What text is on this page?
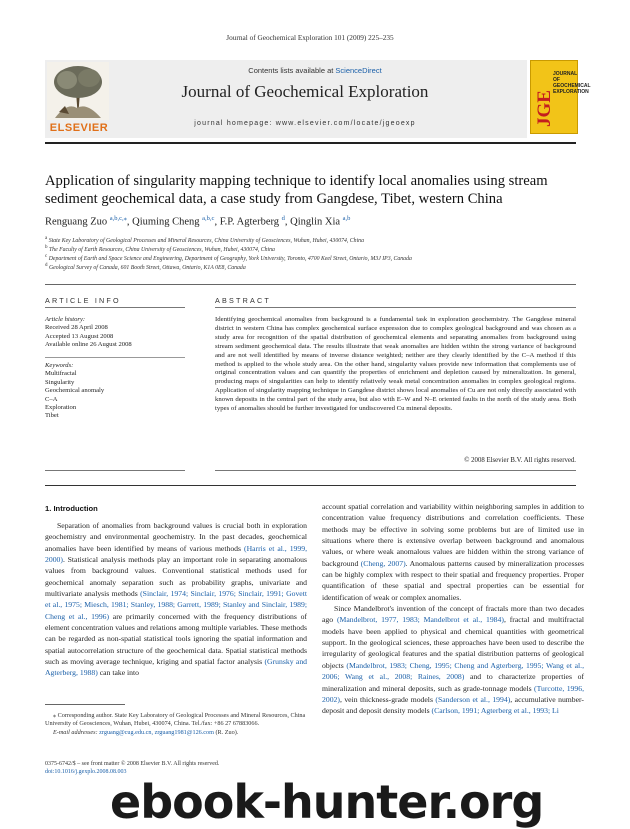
Journal of Geochemical Exploration 101 (2009) 225–235
ELSEVIER
Contents lists available at ScienceDirect
Journal of Geochemical Exploration
journal homepage: www.elsevier.com/locate/jgeoexp	JGE
JOURNAL OF GEOCHEMICAL EXPLORATION
Application of singularity mapping technique to identify local anomalies using stream sediment geochemical data, a case study from Gangdese, Tibet, western China
Renguang Zuo $^{a,b,c,⁎}$, Qiuming Cheng $^{a,b,c}$, F.P. Agterberg $^d$, Qinglin Xia $^{a,b}$
$^a$ State Key Laboratory of Geological Processes and Mineral Resources, China University of Geosciences, Wuhan, Hubei, 430074, China
$^b$ The Faculty of Earth Resources, China University of Geosciences, Wuhan, Hubei, 430074, China
$^c$ Department of Earth and Space Science and Engineering, Department of Geography, York University, Toronto, 4700 Keel Street, Ontario, M3J IP3, Canada
$^d$ Geological Survey of Canada, 601 Booth Street, Ottawa, Ontario, K1A 0E8, Canada
ARTICLE INFO	ABSTRACT
Article history:
Received 28 April 2008
Accepted 13 August 2008
Available online 26 August 2008
Keywords:
Multifractal
Singularity
Geochemical anomaly
C–A
Exploration
Tibet
Identifying geochemical anomalies from background is a fundamental task in exploration geochemistry. The Gangdese mineral district in western China has complex geochemical surface expression due to complex geological background and was chosen as a study area for recognition of the spatial distribution of geochemical elements and separating anomalies from background using stream sediment geochemical data. The results illustrate that weak anomalies are hidden within the strong variance of background and are not well identified by means of inverse distance weighted; neither are they clearly identified by the C–A method if this method is applied to the whole study area. On the other hand, singularity values provide new information that complements use of original concentration values and can quantify the properties of enrichment and depletion caused by mineralization. In general, producing maps of singularities can help to identify relatively weak metal concentration anomalies in complex geological regions. Application of singularity mapping technique in Gangdese district shows local anomalies of Cu are not only directly associated with known deposits in the central part of the study area, but also with E–W and N–E oriented faults in the north of the study area. Both types of anomalies should be further investigated for undiscovered Cu mineral deposits.
© 2008 Elsevier B.V. All rights reserved.
1. Introduction
Separation of anomalies from background values is crucial both in exploration geochemistry and environmental geochemistry. In the past decades, geochemical anomalies have been identified by means of various methods (Harris et al., 1999, 2000). Statistical analysis methods play an important role in separating anomalous values from background values. Conventional statistical methods used for geochemical anomaly separation such as probability graphs, univariate and multivariate analysis methods (Sinclair, 1974; Sinclair, 1976; Sinclair, 1991; Govett et al., 1975; Miesch, 1981; Stanley, 1988; Garrett, 1989; Stanley and Sinclair, 1989; Cheng et al., 1996) are primarily concerned with the frequency distributions of element concentration values and relations among multiple variables. These methods can be regarded as non-spatial statistical tools ignoring the spatial information and spatial autocorrelation structure of the geochemical data. Spatial statistical methods such as moving average technique, kriging and spatial factor analysis (Grunsky and Agterberg, 1988) can take into
account spatial correlation and variability within neighboring samples in addition to concentration value frequency distributions and correlation coefficients. These methods may be effective in solving some problems but are of limited use in situations where there is extensive overlap between background and anomalous values, or where weak anomalous values are hidden within the strong variance of background (Cheng, 2007). Anomalous patterns caused by mineralization processes can be highly complex with respect to their spatial and frequency properties. Proper quantification of these spatial and spectral properties can be essential for identification of weak or complex anomalies.
Since Mandelbrot's invention of the concept of fractals more than two decades ago (Mandelbrot, 1977, 1983; Mandelbrot et al., 1984), fractal and multifractal models have been applied to physical and chemical quantities with geometrical support. In the geological sciences, these approaches have been used to describe the irregularity of geological features and the spatial distribution patterns of geological objects (Mandelbrot, 1983; Cheng, 1995; Cheng and Agterberg, 1995; Wang et al., 2006; Wang et al., 2008; Raines, 2008) and to characterize properties of mineralization and mineral deposits, such as grade-tonnage models (Turcotte, 1996, 2002), vein thickness-grade models (Sanderson et al., 1994), accumulative number-deposit and deposit density models (Carlson, 1991; Agterberg et al., 1993; Li
⁎ Corresponding author. State Key Laboratory of Geological Processes and Mineral Resources, China University of Geosciences, Wuhan, Hubei, 430074, China. Tel./fax: +86 27 67883066.
E-mail addresses: zrguang@cug.edu.cn, zrguang1981@126.com (R. Zuo).
0375-6742/$ – see front matter © 2008 Elsevier B.V. All rights reserved.
doi:10.1016/j.gexplo.2008.08.003
ebook-hunter.org
